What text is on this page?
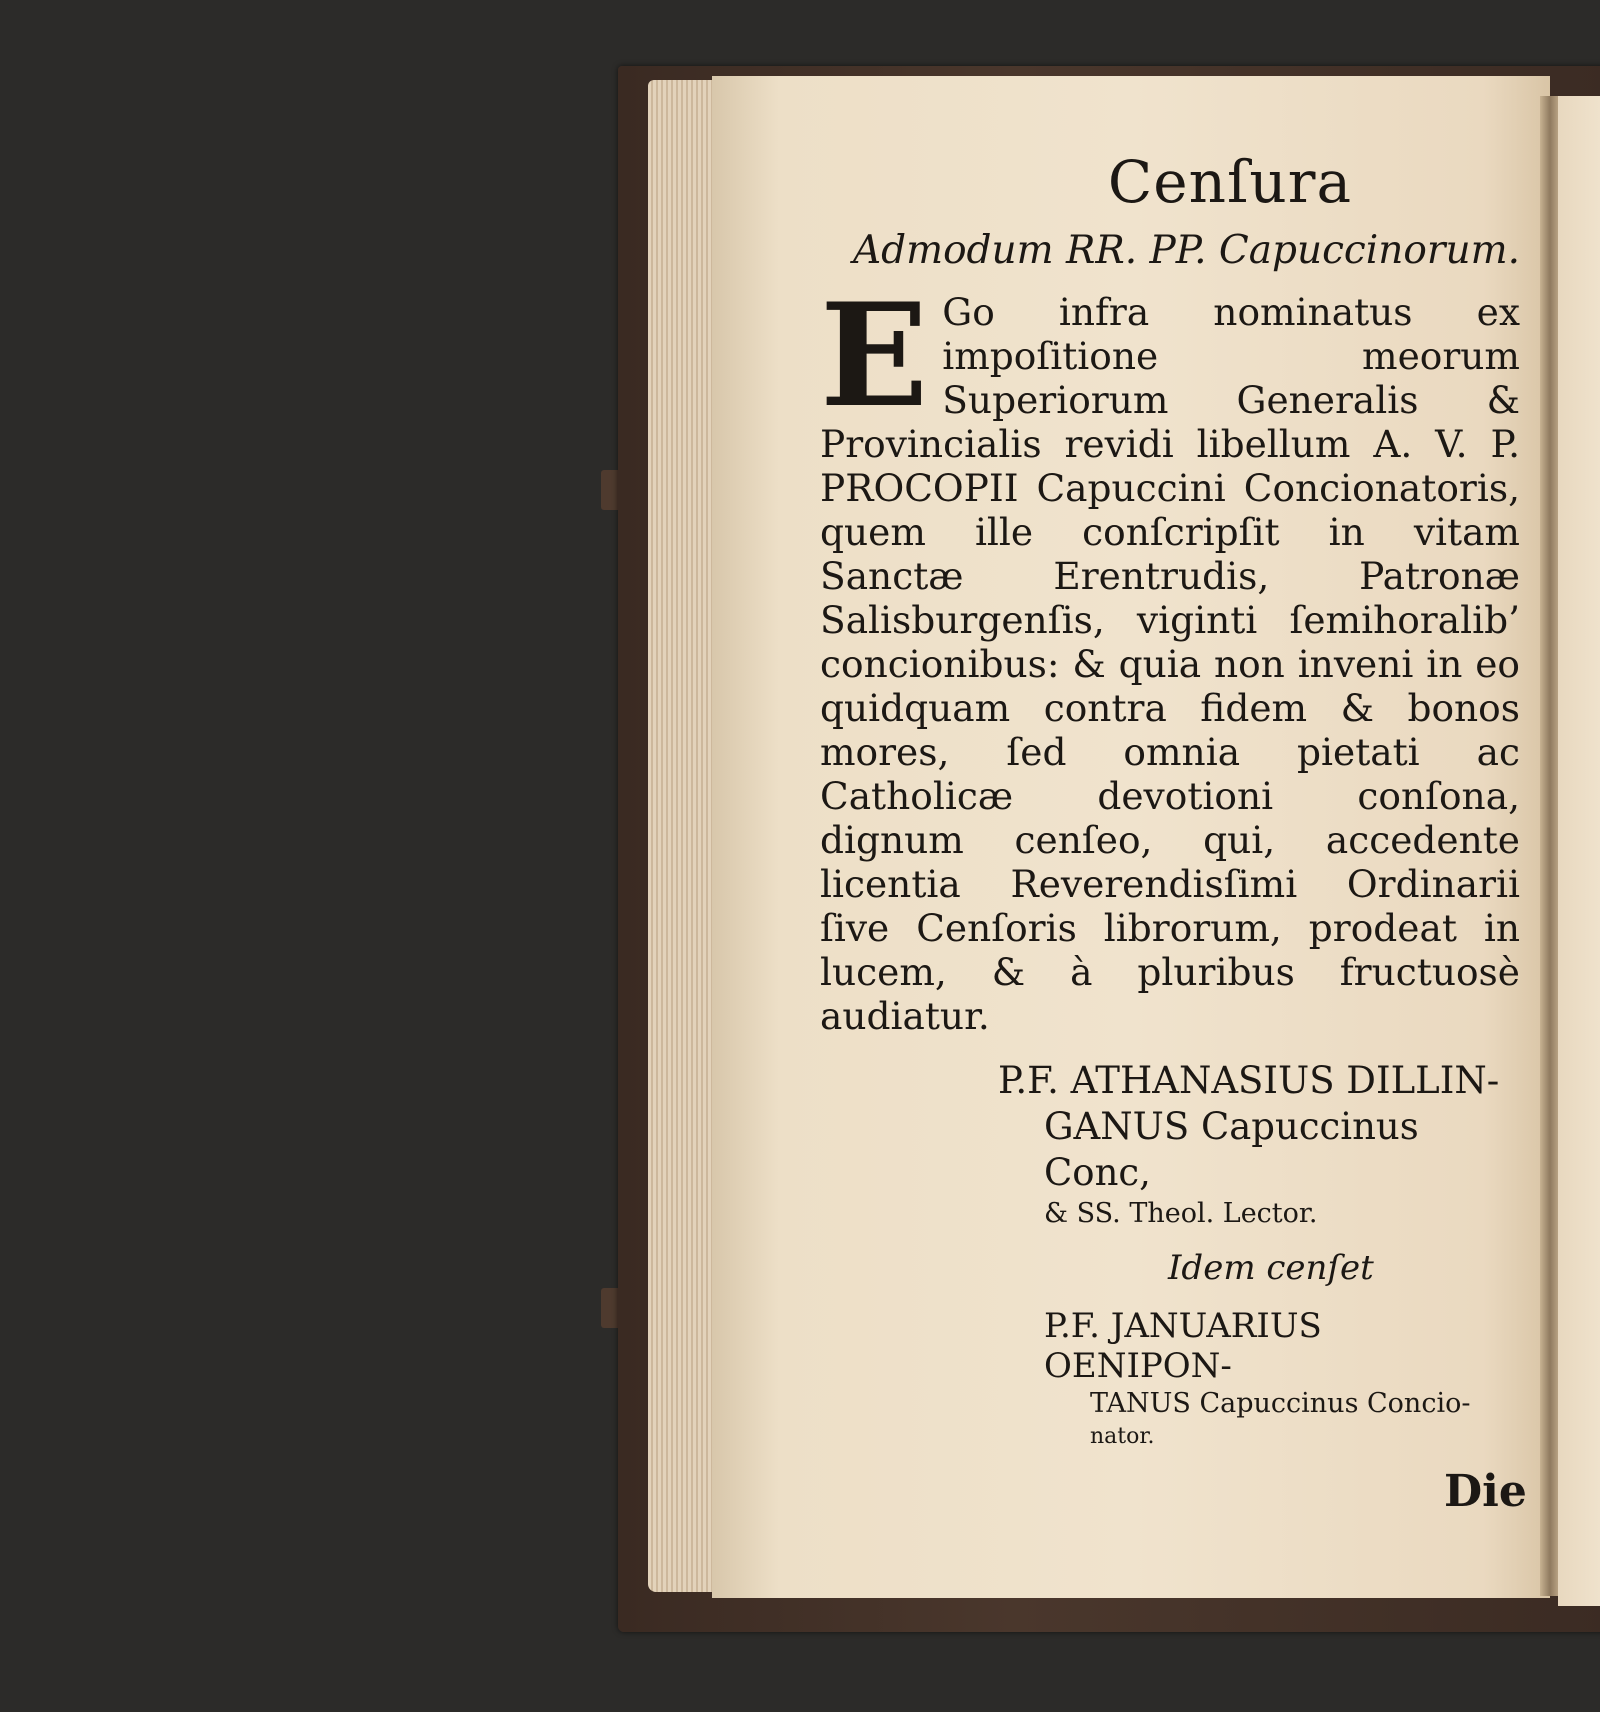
Cenſura
Admodum RR. PP. Capuccinorum.
E Go infra nominatus ex impoſitione meorum Superiorum Generalis & Provincialis revidi libellum A. V. P. PROCOPII Capuccini Concionatoris, quem ille conſcripſit in vitam Sanctæ Erentrudis, Patronæ Salisburgenſis, viginti ſemihoralib’ concionibus: & quia non inveni in eo quidquam contra fidem & bonos mores, ſed omnia pietati ac Catholicæ devotioni conſona, dignum cenſeo, qui, accedente licentia Reverendisſimi Ordinarii ſive Cenſoris librorum, prodeat in lucem, & à pluribus fructuosè audiatur.
P.F. ATHANASIUS DILLIN-
GANUS Capuccinus Conc,
& SS. Theol. Lector.
Idem cenſet
P.F. JANUARIUS OENIPON-
TANUS Capuccinus Concio-
nator.
Die
